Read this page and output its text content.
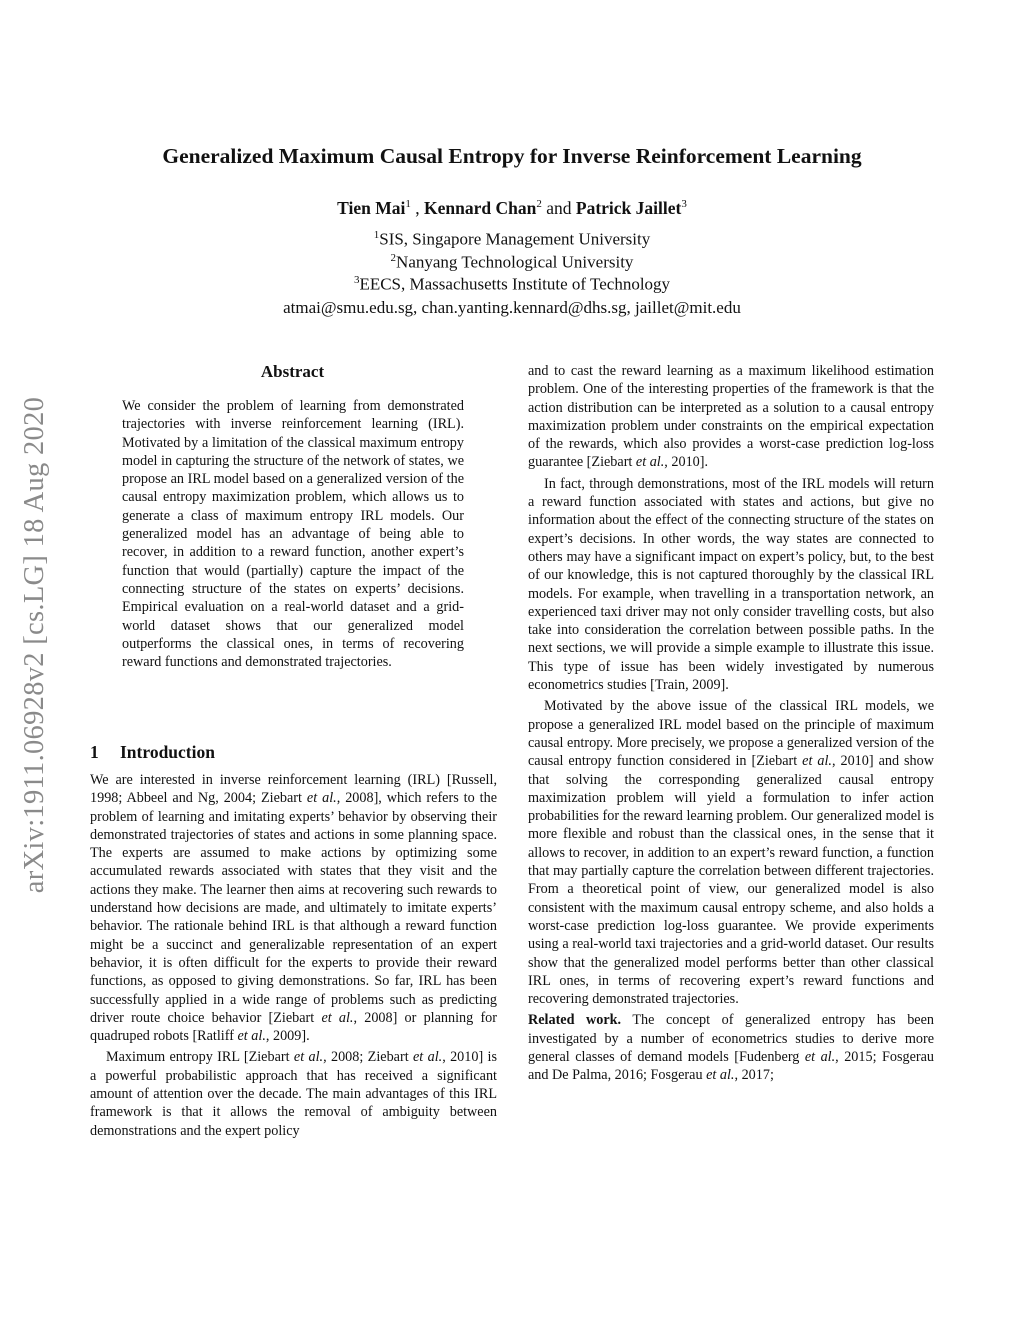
arXiv:1911.06928v2 [cs.LG] 18 Aug 2020
Generalized Maximum Causal Entropy for Inverse Reinforcement Learning
Tien Mai$^1$ , Kennard Chan$^2$ and Patrick Jaillet$^3$
$^1$SIS, Singapore Management University
$^2$Nanyang Technological University
$^3$EECS, Massachusetts Institute of Technology
atmai@smu.edu.sg, chan.yanting.kennard@dhs.sg, jaillet@mit.edu
Abstract

We consider the problem of learning from demonstrated trajectories with inverse reinforcement learning (IRL). Motivated by a limitation of the classical maximum entropy model in capturing the structure of the network of states, we propose an IRL model based on a generalized version of the causal entropy maximization problem, which allows us to generate a class of maximum entropy IRL models. Our generalized model has an advantage of being able to recover, in addition to a reward function, another expert’s function that would (partially) capture the impact of the connecting structure of the states on experts’ decisions. Empirical evaluation on a real-world dataset and a grid-world dataset shows that our generalized model outperforms the classical ones, in terms of recovering reward functions and demonstrated trajectories.

1 Introduction

We are interested in inverse reinforcement learning (IRL) [Russell, 1998; Abbeel and Ng, 2004; Ziebart et al., 2008], which refers to the problem of learning and imitating experts’ behavior by observing their demonstrated trajectories of states and actions in some planning space. The experts are assumed to make actions by optimizing some accumulated rewards associated with states that they visit and the actions they make. The learner then aims at recovering such rewards to understand how decisions are made, and ultimately to imitate experts’ behavior. The rationale behind IRL is that although a reward function might be a succinct and generalizable representation of an expert behavior, it is often difficult for the experts to provide their reward functions, as opposed to giving demonstrations. So far, IRL has been successfully applied in a wide range of problems such as predicting driver route choice behavior [Ziebart et al., 2008] or planning for quadruped robots [Ratliff et al., 2009].

Maximum entropy IRL [Ziebart et al., 2008; Ziebart et al., 2010] is a powerful probabilistic approach that has received a significant amount of attention over the decade. The main advantages of this IRL framework is that it allows the removal of ambiguity between demonstrations and the expert policy

and to cast the reward learning as a maximum likelihood estimation problem. One of the interesting properties of the framework is that the action distribution can be interpreted as a solution to a causal entropy maximization problem under constraints on the empirical expectation of the rewards, which also provides a worst-case prediction log-loss guarantee [Ziebart et al., 2010].

In fact, through demonstrations, most of the IRL models will return a reward function associated with states and actions, but give no information about the effect of the connecting structure of the states on expert’s decisions. In other words, the way states are connected to others may have a significant impact on expert’s policy, but, to the best of our knowledge, this is not captured thoroughly by the classical IRL models. For example, when travelling in a transportation network, an experienced taxi driver may not only consider travelling costs, but also take into consideration the correlation between possible paths. In the next sections, we will provide a simple example to illustrate this issue. This type of issue has been widely investigated by numerous econometrics studies [Train, 2009].

Motivated by the above issue of the classical IRL models, we propose a generalized IRL model based on the principle of maximum causal entropy. More precisely, we propose a generalized version of the causal entropy function considered in [Ziebart et al., 2010] and show that solving the corresponding generalized causal entropy maximization problem will yield a formulation to infer action probabilities for the reward learning problem. Our generalized model is more flexible and robust than the classical ones, in the sense that it allows to recover, in addition to an expert’s reward function, a function that may partially capture the correlation between different trajectories. From a theoretical point of view, our generalized model is also consistent with the maximum causal entropy scheme, and also holds a worst-case prediction log-loss guarantee. We provide experiments using a real-world taxi trajectories and a grid-world dataset. Our results show that the generalized model performs better than other classical IRL ones, in terms of recovering expert’s reward functions and recovering demonstrated trajectories.

Related work. The concept of generalized entropy has been investigated by a number of econometrics studies to derive more general classes of demand models [Fudenberg et al., 2015; Fosgerau and De Palma, 2016; Fosgerau et al., 2017;
